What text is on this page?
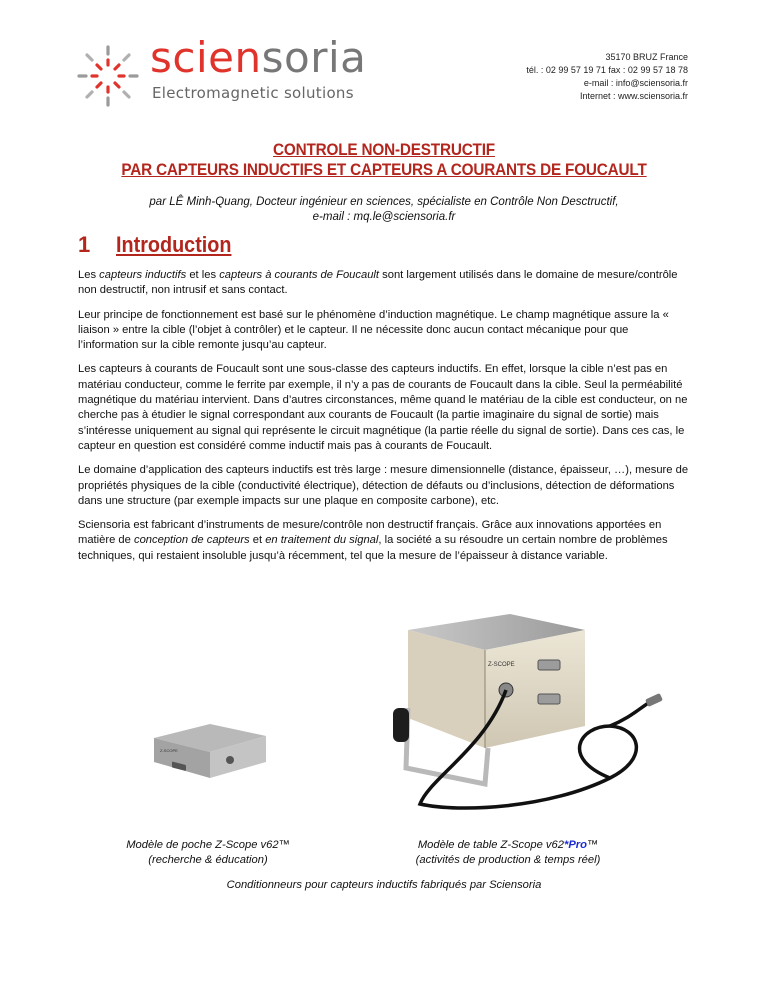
sciensoria
Electromagnetic solutions
35170 BRUZ France
tél. : 02 99 57 19 71 fax : 02 99 57 18 78
e-mail : info@sciensoria.fr
Internet : www.sciensoria.fr
CONTROLE NON-DESTRUCTIF
PAR CAPTEURS INDUCTIFS ET CAPTEURS A COURANTS DE FOUCAULT
par LÊ Minh-Quang, Docteur ingénieur en sciences, spécialiste en Contrôle Non Desctructif,
e-mail : mq.le@sciensoria.fr
1 Introduction

Les capteurs inductifs et les capteurs à courants de Foucault sont largement utilisés dans le domaine de mesure/contrôle non destructif, non intrusif et sans contact.

Leur principe de fonctionnement est basé sur le phénomène d’induction magnétique. Le champ magnétique assure la « liaison » entre la cible (l’objet à contrôler) et le capteur. Il ne nécessite donc aucun contact mécanique pour que l’information sur la cible remonte jusqu’au capteur.

Les capteurs à courants de Foucault sont une sous-classe des capteurs inductifs. En effet, lorsque la cible n’est pas en matériau conducteur, comme le ferrite par exemple, il n’y a pas de courants de Foucault dans la cible. Seul la perméabilité magnétique du matériau intervient. Dans d’autres circonstances, même quand le matériau de la cible est conducteur, on ne cherche pas à étudier le signal correspondant aux courants de Foucault (la partie imaginaire du signal de sortie) mais s’intéresse uniquement au signal qui représente le circuit magnétique (la partie réelle du signal de sortie). Dans ces cas, le capteur en question est considéré comme inductif mais pas à courants de Foucault.

Le domaine d’application des capteurs inductifs est très large : mesure dimensionnelle (distance, épaisseur, …), mesure de propriétés physiques de la cible (conductivité électrique), détection de défauts ou d’inclusions, détection de déformations dans une structure (par exemple impacts sur une plaque en composite carbone), etc.

Sciensoria est fabricant d’instruments de mesure/contrôle non destructif français. Grâce aux innovations apportées en matière de conception de capteurs et en traitement du signal, la société a su résoudre un certain nombre de problèmes techniques, qui restaient insoluble jusqu’à récemment, tel que la mesure de l’épaisseur à distance variable.

Z-SCOPE
Z-SCOPE
Modèle de poche Z-Scope v62™
(recherche & éducation)
Modèle de table Z-Scope v62*Pro™
(activités de production & temps réel)
Conditionneurs pour capteurs inductifs fabriqués par Sciensoria
